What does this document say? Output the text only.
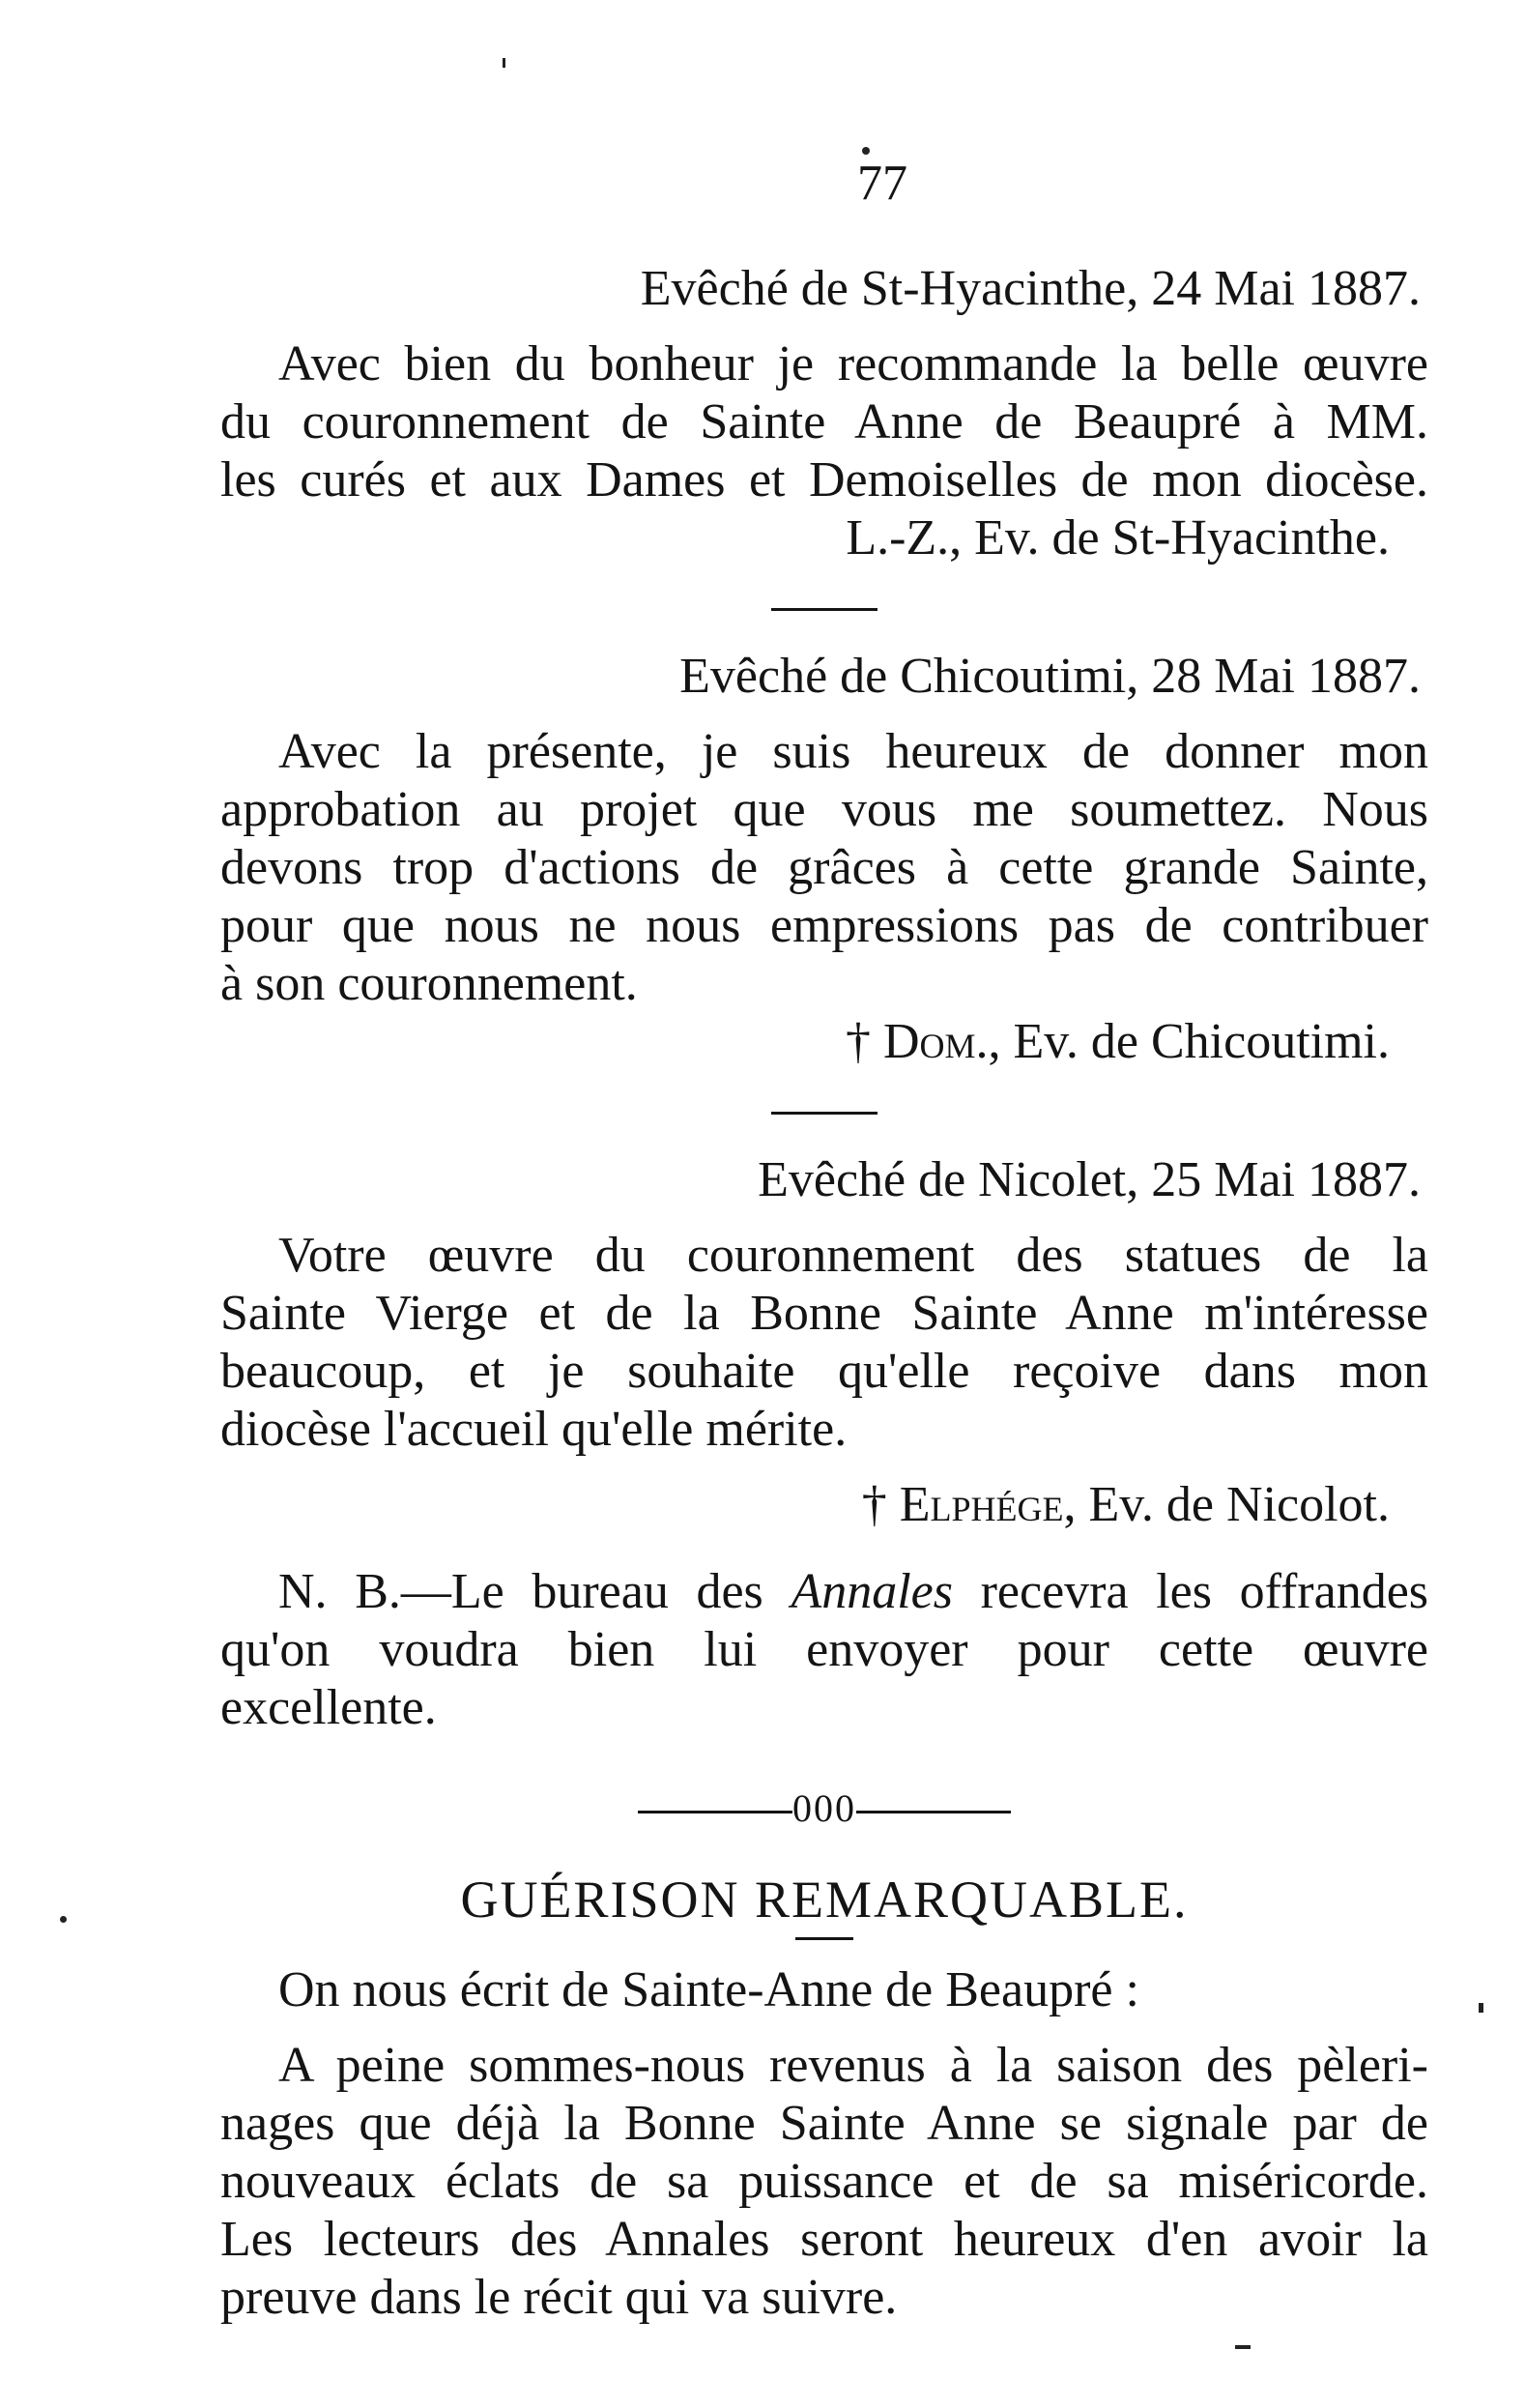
77
Evêché de St-Hyacinthe, 24 Mai 1887.
Avec bien du bonheur je recommande la belle œuvre
du couronnement de Sainte Anne de Beaupré à MM.
les curés et aux Dames et Demoiselles de mon diocèse.
L.-Z., Ev. de St-Hyacinthe.
Evêché de Chicoutimi, 28 Mai 1887.
Avec la présente, je suis heureux de donner mon
approbation au projet que vous me soumettez. Nous
devons trop d'actions de grâces à cette grande Sainte,
pour que nous ne nous empressions pas de contribuer
à son couronnement.
† Dom., Ev. de Chicoutimi.
Evêché de Nicolet, 25 Mai 1887.
Votre œuvre du couronnement des statues de la
Sainte Vierge et de la Bonne Sainte Anne m'intéresse
beaucoup, et je souhaite qu'elle reçoive dans mon
diocèse l'accueil qu'elle mérite.
† Elphége, Ev. de Nicolot.
N. B.—Le bureau des Annales recevra les offrandes
qu'on voudra bien lui envoyer pour cette œuvre
excellente.
000
GUÉRISON REMARQUABLE.
On nous écrit de Sainte-Anne de Beaupré :
A peine sommes-nous revenus à la saison des pèleri-
nages que déjà la Bonne Sainte Anne se signale par de
nouveaux éclats de sa puissance et de sa miséricorde.
Les lecteurs des Annales seront heureux d'en avoir la
preuve dans le récit qui va suivre.
